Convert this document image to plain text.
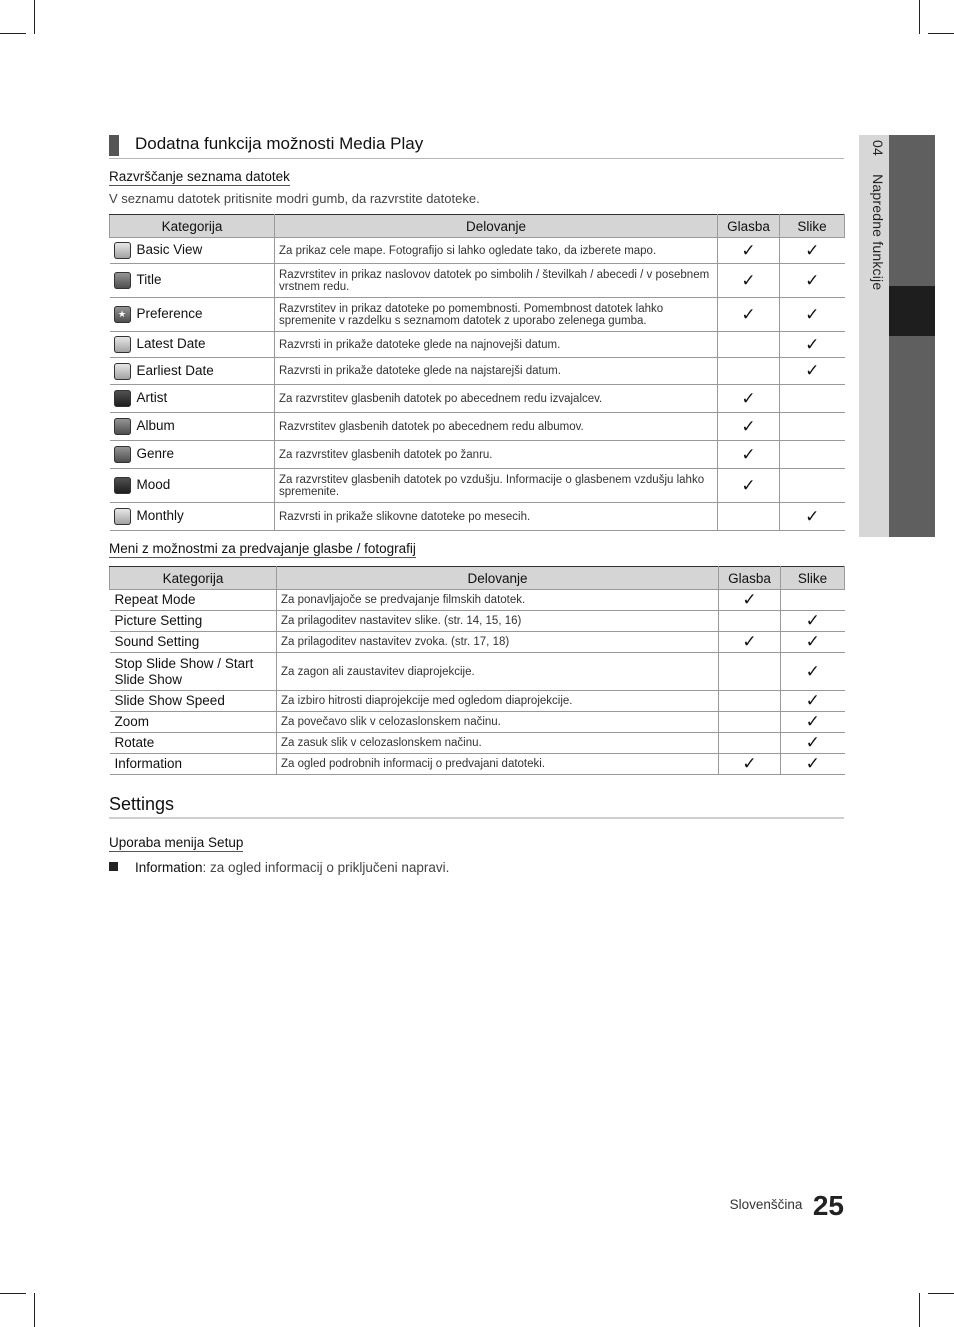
04 Napredne funkcije
Dodatna funkcija možnosti Media Play
Razvrščanje seznama datotek
V seznamu datotek pritisnite modri gumb, da razvrstite datoteke.
Kategorija	Delovanje	Glasba	Slike
Basic View	Za prikaz cele mape. Fotografijo si lahko ogledate tako, da izberete mapo.	✓	✓
Title	Razvrstitev in prikaz naslovov datotek po simbolih / številkah / abecedi / v posebnem vrstnem redu.	✓	✓
★ Preference	Razvrstitev in prikaz datoteke po pomembnosti. Pomembnost datotek lahko spremenite v razdelku s seznamom datotek z uporabo zelenega gumba.	✓	✓
Latest Date	Razvrsti in prikaže datoteke glede na najnovejši datum.		✓
Earliest Date	Razvrsti in prikaže datoteke glede na najstarejši datum.		✓
Artist	Za razvrstitev glasbenih datotek po abecednem redu izvajalcev.	✓	
Album	Razvrstitev glasbenih datotek po abecednem redu albumov.	✓	
Genre	Za razvrstitev glasbenih datotek po žanru.	✓	
Mood	Za razvrstitev glasbenih datotek po vzdušju. Informacije o glasbenem vzdušju lahko spremenite.	✓	
Monthly	Razvrsti in prikaže slikovne datoteke po mesecih.		✓
Meni z možnostmi za predvajanje glasbe / fotografij
Kategorija	Delovanje	Glasba	Slike
Repeat Mode	Za ponavljajoče se predvajanje filmskih datotek.	✓	
Picture Setting	Za prilagoditev nastavitev slike. (str. 14, 15, 16)		✓
Sound Setting	Za prilagoditev nastavitev zvoka. (str. 17, 18)	✓	✓
Stop Slide Show / Start Slide Show	Za zagon ali zaustavitev diaprojekcije.		✓
Slide Show Speed	Za izbiro hitrosti diaprojekcije med ogledom diaprojekcije.		✓
Zoom	Za povečavo slik v celozaslonskem načinu.		✓
Rotate	Za zasuk slik v celozaslonskem načinu.		✓
Information	Za ogled podrobnih informacij o predvajani datoteki.	✓	✓
Settings
Uporaba menija Setup
Information: za ogled informacij o priključeni napravi.
$^{Slovenščina}$ 25
